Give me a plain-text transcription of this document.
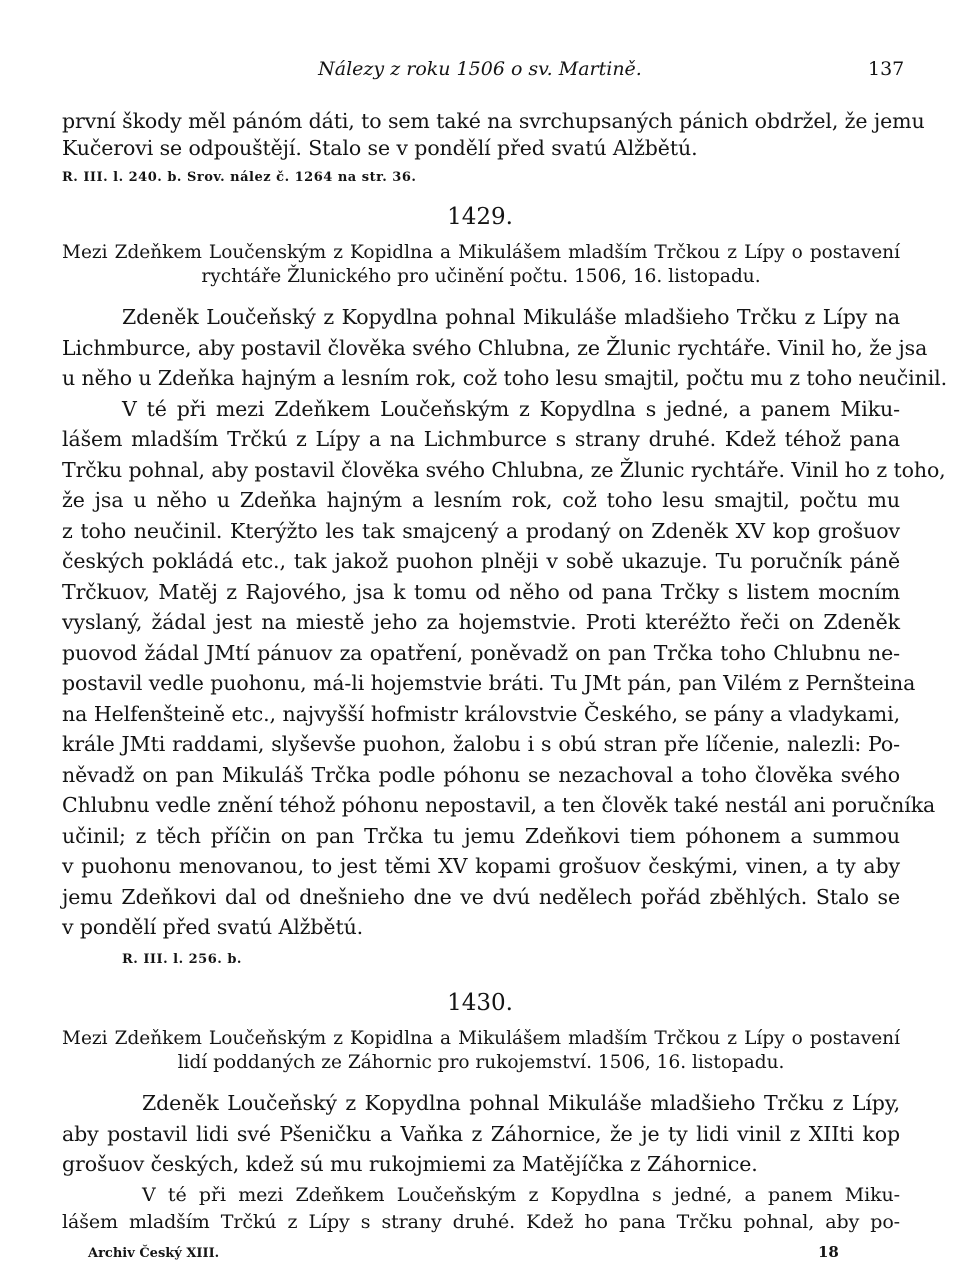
Nálezy z roku 1506 o sv. Martině.	137
první škody měl pánóm dáti, to sem také na svrchupsaných pánich obdržel, že jemu
Kučerovi se odpouštějí. Stalo se v pondělí před svatú Alžbětú.
R. III. l. 240. b. Srov. nález č. 1264 na str. 36.
1429.
Mezi Zdeňkem Loučenským z Kopidlna a Mikulášem mladším Trčkou z Lípy o postavení
rychtáře Žlunického pro učinění počtu. 1506, 16. listopadu.
Zdeněk Loučeňský z Kopydlna pohnal Mikuláše mladšieho Trčku z Lípy na
Lichmburce, aby postavil člověka svého Chlubna, ze Žlunic rychtáře. Vinil ho, že jsa
u něho u Zdeňka hajným a lesním rok, což toho lesu smajtil, počtu mu z toho neučinil.
V té při mezi Zdeňkem Loučeňským z Kopydlna s jedné, a panem Miku-
lášem mladším Trčkú z Lípy a na Lichmburce s strany druhé. Kdež téhož pana
Trčku pohnal, aby postavil člověka svého Chlubna, ze Žlunic rychtáře. Vinil ho z toho,
že jsa u něho u Zdeňka hajným a lesním rok, což toho lesu smajtil, počtu mu
z toho neučinil. Kterýžto les tak smajcený a prodaný on Zdeněk XV kop grošuov
českých pokládá etc., tak jakož puohon plněji v sobě ukazuje. Tu poručník páně
Trčkuov, Matěj z Rajového, jsa k tomu od něho od pana Trčky s listem mocním
vyslaný, žádal jest na miestě jeho za hojemstvie. Proti kteréžto řeči on Zdeněk
puovod žádal JMtí pánuov za opatření, poněvadž on pan Trčka toho Chlubnu ne-
postavil vedle puohonu, má-li hojemstvie bráti. Tu JMt pán, pan Vilém z Pernšteina
na Helfenšteině etc., najvyšší hofmistr královstvie Českého, se pány a vladykami,
krále JMti raddami, slyševše puohon, žalobu i s obú stran pře líčenie, nalezli: Po-
něvadž on pan Mikuláš Trčka podle póhonu se nezachoval a toho člověka svého
Chlubnu vedle znění téhož póhonu nepostavil, a ten člověk také nestál ani poručníka
učinil; z těch příčin on pan Trčka tu jemu Zdeňkovi tiem póhonem a summou
v puohonu menovanou, to jest těmi XV kopami grošuov českými, vinen, a ty aby
jemu Zdeňkovi dal od dnešnieho dne ve dvú nedělech pořád zběhlých. Stalo se
v pondělí před svatú Alžbětú.
R. III. l. 256. b.
1430.
Mezi Zdeňkem Loučeňským z Kopidlna a Mikulášem mladším Trčkou z Lípy o postavení
lidí poddaných ze Záhornic pro rukojemství. 1506, 16. listopadu.
Zdeněk Loučeňský z Kopydlna pohnal Mikuláše mladšieho Trčku z Lípy,
aby postavil lidi své Pšeničku a Vaňka z Záhornice, že je ty lidi vinil z XIIti kop
grošuov českých, kdež sú mu rukojmiemi za Matějíčka z Záhornice.
V té při mezi Zdeňkem Loučeňským z Kopydlna s jedné, a panem Miku-
lášem mladším Trčkú z Lípy s strany druhé. Kdež ho pana Trčku pohnal, aby po-
Archiv Český XIII.	18
